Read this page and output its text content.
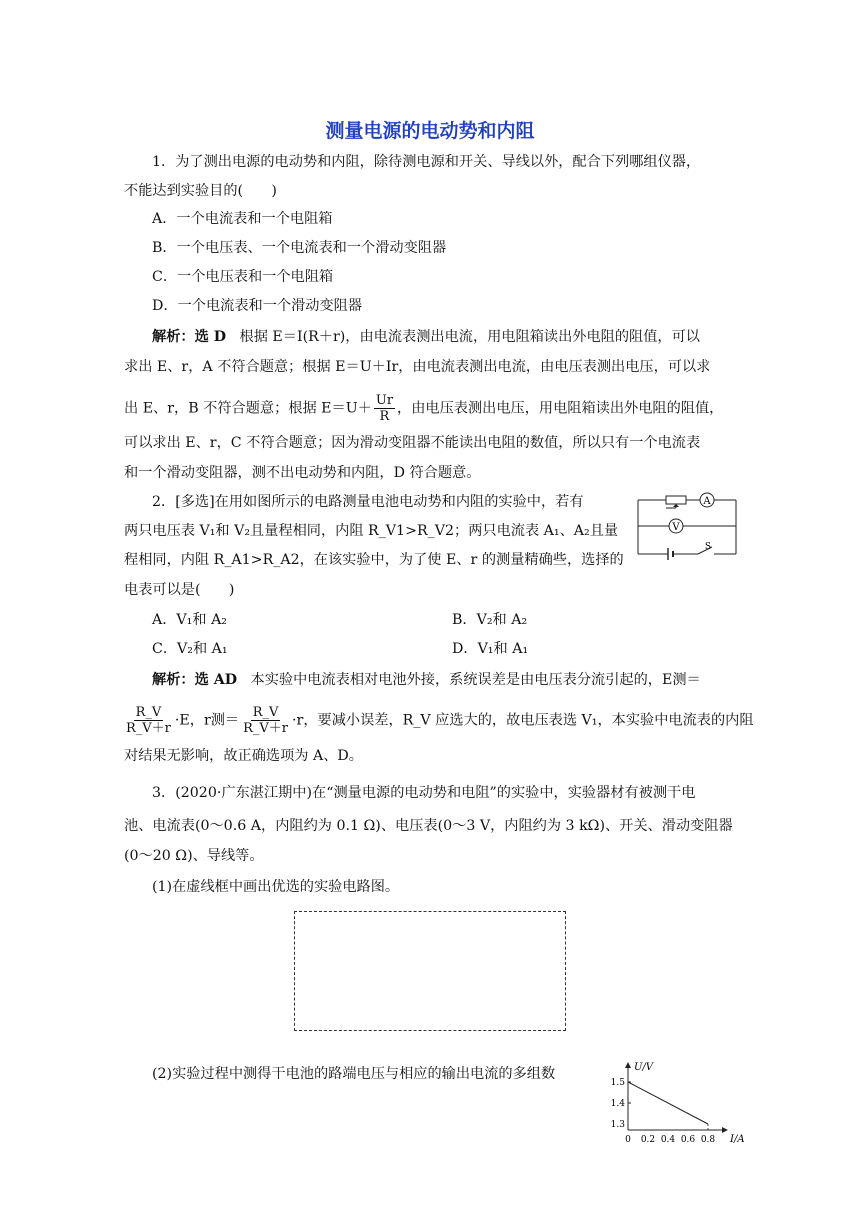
测量电源的电动势和内阻
1．为了测出电源的电动势和内阻，除待测电源和开关、导线以外，配合下列哪组仪器，
不能达到实验目的(　　)
A．一个电流表和一个电阻箱
B．一个电压表、一个电流表和一个滑动变阻器
C．一个电压表和一个电阻箱
D．一个电流表和一个滑动变阻器
解析：选 D 根据 E＝I(R＋r)，由电流表测出电流，用电阻箱读出外电阻的阻值，可以
求出 E、r，A 不符合题意；根据 E＝U＋Ir，由电流表测出电流，由电压表测出电压，可以求
出 E、r，B 不符合题意；根据 $E=U+ \frac{Ur}{R}$ ，由电压表测出电压，用电阻箱读出外电阻的阻值，
可以求出 E、r，C 不符合题意；因为滑动变阻器不能读出电阻的数值，所以只有一个电流表
和一个滑动变阻器，测不出电动势和内阻，D 符合题意。
2．[多选]在用如图所示的电路测量电池电动势和内阻的实验中，若有
两只电压表 V₁和 V₂且量程相同，内阻 R_V1>R_V2；两只电流表 A₁、A₂且量
程相同，内阻 R_A1>R_A2，在该实验中，为了使 E、r 的测量精确些，选择的
电表可以是(　　)
A
V
S
A．V₁和 A₂	B．V₂和 A₂
C．V₂和 A₁	D．V₁和 A₁
解析：选 AD 本实验中电流表相对电池外接，系统误差是由电压表分流引起的，E测＝
$\frac{R\_V}{R\_V+r} \cdot E$，r测＝ $\frac{R\_V}{R\_V+r} \cdot r$，要减小误差，R_V 应选大的，故电压表选 V₁，本实验中电流表的内阻
对结果无影响，故正确选项为 A、D。
3．(2020·广东湛江期中)在“测量电源的电动势和电阻”的实验中，实验器材有被测干电
池、电流表(0～0.6 A，内阻约为 0.1 Ω)、电压表(0～3 V，内阻约为 3 kΩ)、开关、滑动变阻器
(0～20 Ω)、导线等。
(1)在虚线框中画出优选的实验电路图。
(2)实验过程中测得干电池的路端电压与相应的输出电流的多组数
0 0.2 0.4 0.6 0.8
1.3
1.4
1.5
I/A
U/V
